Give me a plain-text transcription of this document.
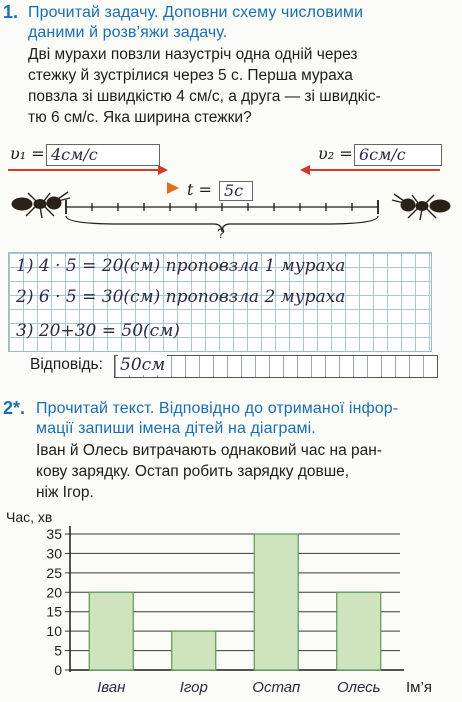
1. Прочитай задачу. Доповни схему числовими
даними й розв’яжи задачу.
Дві мурахи повзли назустріч одна одній через
стежку й зустрілися через 5 с. Перша мураха
повзла зі швидкістю 4 см/с, а друга — зі швидкіс-
тю 6 см/с. Яка ширина стежки?
υ₁ = 4см/с	υ₂ = 6см/с
t = 5с
?
1) 4 · 5 = 20(см) проповзла 1 мураха
2) 6 · 5 = 30(см) проповзла 2 мураха
3) 20+30 = 50(см)
Відповідь: 50см
2*. Прочитай текст. Відповідно до отриманої інфор-
мації запиши імена дітей на діаграмі.
Іван й Олесь витрачають однаковий час на ран-
кову зарядку. Остап робить зарядку довше,
ніж Ігор.
Час, хв
0
5
10
15
20
25
30
35
Іван	Ігор	Остап Олесь Ім’я
